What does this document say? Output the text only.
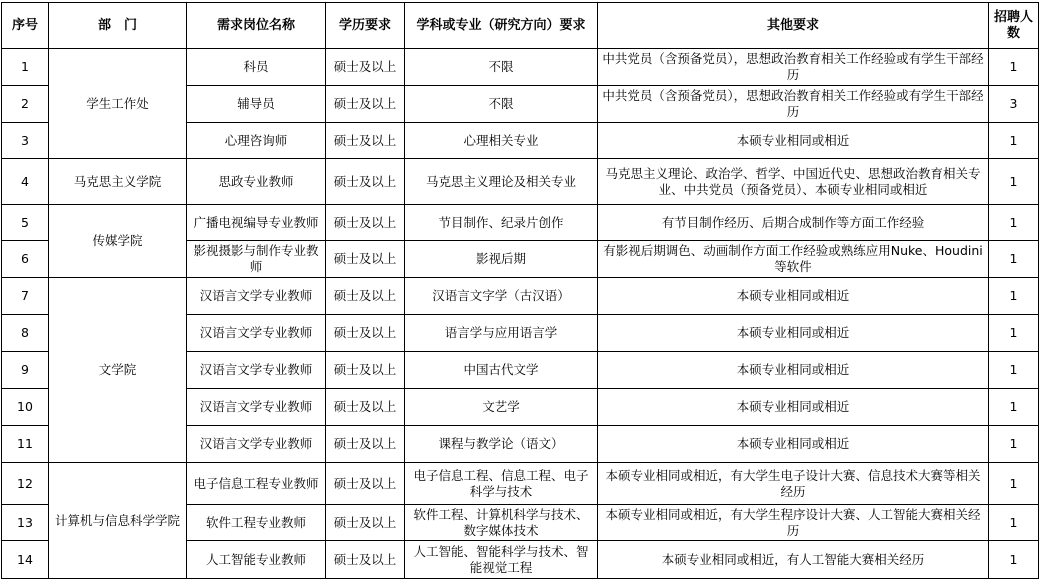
序号	部　门	需求岗位名称	学历要求	学科或专业（研究方向）要求	其他要求	招聘人数
1	学生工作处	科员	硕士及以上	不限	中共党员（含预备党员），思想政治教育相关工作经验或有学生干部经历	1
2		辅导员	硕士及以上	不限	中共党员（含预备党员），思想政治教育相关工作经验或有学生干部经历	3
3		心理咨询师	硕士及以上	心理相关专业	本硕专业相同或相近	1
4	马克思主义学院	思政专业教师	硕士及以上	马克思主义理论及相关专业	马克思主义理论、政治学、哲学、中国近代史、思想政治教育相关专业、中共党员（预备党员）、本硕专业相同或相近	1
5	传媒学院	广播电视编导专业教师	硕士及以上	节目制作、纪录片创作	有节目制作经历、后期合成制作等方面工作经验	1
6		影视摄影与制作专业教师	硕士及以上	影视后期	有影视后期调色、动画制作方面工作经验或熟练应用Nuke、Houdini等软件	1
7	文学院	汉语言文学专业教师	硕士及以上	汉语言文字学（古汉语）	本硕专业相同或相近	1
8		汉语言文学专业教师	硕士及以上	语言学与应用语言学	本硕专业相同或相近	1
9		汉语言文学专业教师	硕士及以上	中国古代文学	本硕专业相同或相近	1
10		汉语言文学专业教师	硕士及以上	文艺学	本硕专业相同或相近	1
11		汉语言文学专业教师	硕士及以上	课程与教学论（语文）	本硕专业相同或相近	1
12	计算机与信息科学学院	电子信息工程专业教师	硕士及以上	电子信息工程、信息工程、电子科学与技术	本硕专业相同或相近，有大学生电子设计大赛、信息技术大赛等相关经历	1
13		软件工程专业教师	硕士及以上	软件工程、计算机科学与技术、数字媒体技术	本硕专业相同或相近，有大学生程序设计大赛、人工智能大赛相关经历	1
14		人工智能专业教师	硕士及以上	人工智能、智能科学与技术、智能视觉工程	本硕专业相同或相近，有人工智能大赛相关经历	1
